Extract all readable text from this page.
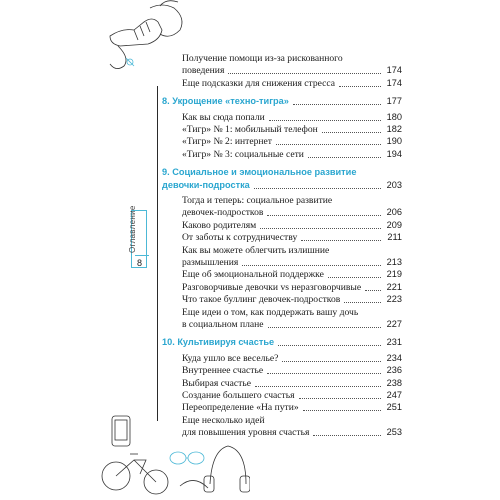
Оглавление
8
Получение помощи из-за рискованного
поведения	174
Еще подсказки для снижения стресса	174
8. Укрощение «техно-тигра»	177
Как вы сюда попали	180
«Тигр» № 1: мобильный телефон	182
«Тигр» № 2: интернет	190
«Тигр» № 3: социальные сети	194
9. Социальное и эмоциональное развитие
девочки-подростка	203
Тогда и теперь: социальное развитие
девочек-подростков	206
Каково родителям	209
От заботы к сотрудничеству	211
Как вы можете облегчить излишние
размышления	213
Еще об эмоциональной поддержке	219
Разговорчивые девочки vs неразговорчивые	221
Что такое буллинг девочек-подростков	223
Еще идеи о том, как поддержать вашу дочь
в социальном плане	227
10. Культивируя счастье	231
Куда ушло все веселье?	234
Внутреннее счастье	236
Выбирая счастье	238
Создание большего счастья	247
Переопределение «На пути»	251
Еще несколько идей
для повышения уровня счастья	253
